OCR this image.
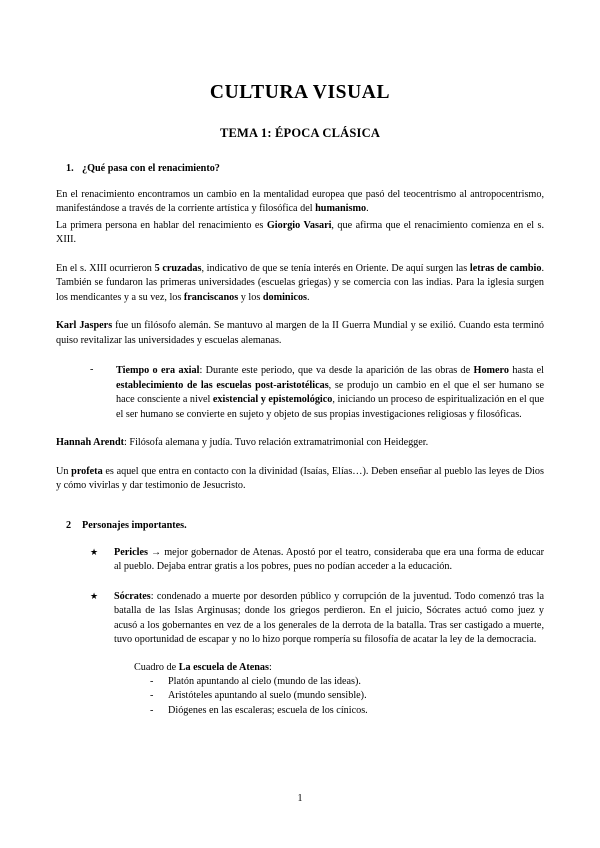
CULTURA VISUAL
TEMA 1: ÉPOCA CLÁSICA
1. ¿Qué pasa con el renacimiento?

En el renacimiento encontramos un cambio en la mentalidad europea que pasó del teocentrismo al antropocentrismo, manifestándose a través de la corriente artística y filosófica del humanismo.

La primera persona en hablar del renacimiento es Giorgio Vasari, que afirma que el renacimiento comienza en el s. XIII.

En el s. XIII ocurrieron 5 cruzadas, indicativo de que se tenía interés en Oriente. De aquí surgen las letras de cambio. También se fundaron las primeras universidades (escuelas griegas) y se comercia con las indias. Para la iglesia surgen los mendicantes y a su vez, los franciscanos y los dominicos.

Karl Jaspers fue un filósofo alemán. Se mantuvo al margen de la II Guerra Mundial y se exilió. Cuando esta terminó quiso revitalizar las universidades y escuelas alemanas.

-	Tiempo o era axial: Durante este periodo, que va desde la aparición de las obras de Homero hasta el establecimiento de las escuelas post-aristotélicas, se produjo un cambio en el que el ser humano se hace consciente a nivel existencial y epistemológico, iniciando un proceso de espiritualización en el que el ser humano se convierte en sujeto y objeto de sus propias investigaciones religiosas y filosóficas.

Hannah Arendt: Filósofa alemana y judía. Tuvo relación extramatrimonial con Heidegger.

Un profeta es aquel que entra en contacto con la divinidad (Isaías, Elías…). Deben enseñar al pueblo las leyes de Dios y cómo vivirlas y dar testimonio de Jesucristo.

2	Personajes importantes.
★	Pericles → mejor gobernador de Atenas. Apostó por el teatro, consideraba que era una forma de educar al pueblo. Dejaba entrar gratis a los pobres, pues no podían acceder a la educación.
★	Sócrates: condenado a muerte por desorden público y corrupción de la juventud. Todo comenzó tras la batalla de las Islas Arginusas; donde los griegos perdieron. En el juicio, Sócrates actuó como juez y acusó a los gobernantes en vez de a los generales de la derrota de la batalla. Tras ser castigado a muerte, tuvo oportunidad de escapar y no lo hizo porque rompería su filosofía de acatar la ley de la democracia.
Cuadro de La escuela de Atenas:
-	Platón apuntando al cielo (mundo de las ideas).
-	Aristóteles apuntando al suelo (mundo sensible).
-	Diógenes en las escaleras; escuela de los cínicos.
1
